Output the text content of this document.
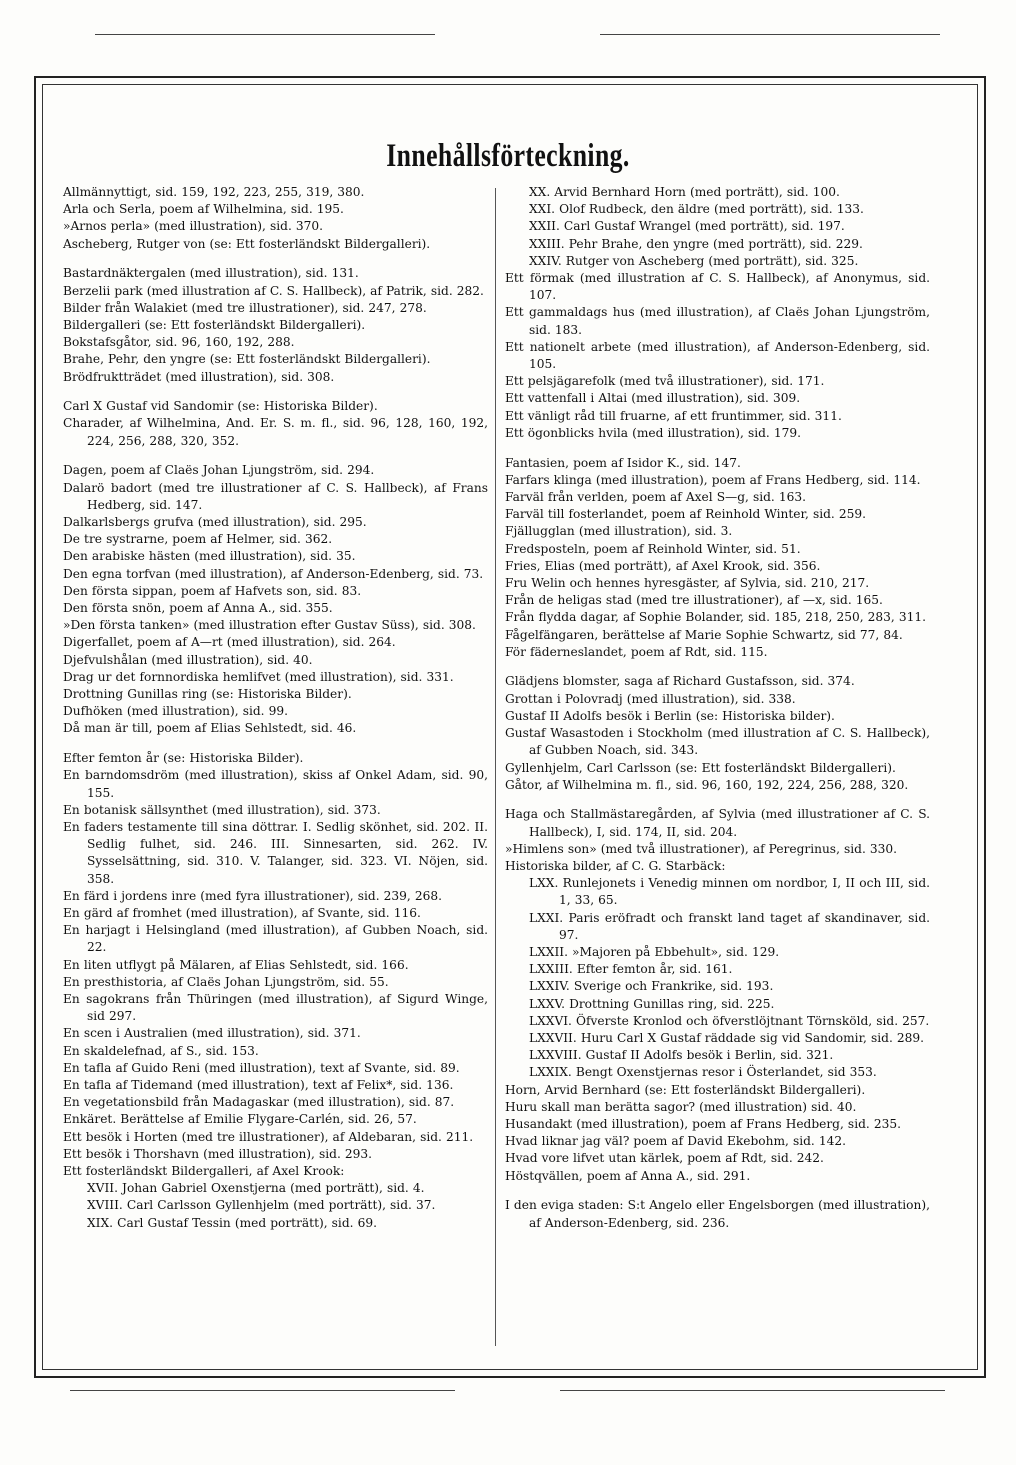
Innehållsförteckning.
Allmännyttigt, sid. 159, 192, 223, 255, 319, 380.
Arla och Serla, poem af Wilhelmina, sid. 195.
»Arnos perla» (med illustration), sid. 370.
Ascheberg, Rutger von (se: Ett fosterländskt Bildergalleri).
Bastardnäktergalen (med illustration), sid. 131.
Berzelii park (med illustration af C. S. Hallbeck), af Patrik, sid. 282.
Bilder från Walakiet (med tre illustrationer), sid. 247, 278.
Bildergalleri (se: Ett fosterländskt Bildergalleri).
Bokstafsgåtor, sid. 96, 160, 192, 288.
Brahe, Pehr, den yngre (se: Ett fosterländskt Bildergalleri).
Brödfruktträdet (med illustration), sid. 308.
Carl X Gustaf vid Sandomir (se: Historiska Bilder).
Charader, af Wilhelmina, And. Er. S. m. fl., sid. 96, 128, 160, 192, 224, 256, 288, 320, 352.
Dagen, poem af Claës Johan Ljungström, sid. 294.
Dalarö badort (med tre illustrationer af C. S. Hallbeck), af Frans Hedberg, sid. 147.
Dalkarlsbergs grufva (med illustration), sid. 295.
De tre systrarne, poem af Helmer, sid. 362.
Den arabiske hästen (med illustration), sid. 35.
Den egna torfvan (med illustration), af Anderson-Edenberg, sid. 73.
Den första sippan, poem af Hafvets son, sid. 83.
Den första snön, poem af Anna A., sid. 355.
»Den första tanken» (med illustration efter Gustav Süss), sid. 308.
Digerfallet, poem af A—rt (med illustration), sid. 264.
Djefvulshålan (med illustration), sid. 40.
Drag ur det fornnordiska hemlifvet (med illustration), sid. 331.
Drottning Gunillas ring (se: Historiska Bilder).
Dufhöken (med illustration), sid. 99.
Då man är till, poem af Elias Sehlstedt, sid. 46.
Efter femton år (se: Historiska Bilder).
En barndomsdröm (med illustration), skiss af Onkel Adam, sid. 90, 155.
En botanisk sällsynthet (med illustration), sid. 373.
En faders testamente till sina döttrar. I. Sedlig skönhet, sid. 202. II. Sedlig fulhet, sid. 246. III. Sinnesarten, sid. 262. IV. Sysselsättning, sid. 310. V. Talanger, sid. 323. VI. Nöjen, sid. 358.
En färd i jordens inre (med fyra illustrationer), sid. 239, 268.
En gärd af fromhet (med illustration), af Svante, sid. 116.
En harjagt i Helsingland (med illustration), af Gubben Noach, sid. 22.
En liten utflygt på Mälaren, af Elias Sehlstedt, sid. 166.
En presthistoria, af Claës Johan Ljungström, sid. 55.
En sagokrans från Thüringen (med illustration), af Sigurd Winge, sid 297.
En scen i Australien (med illustration), sid. 371.
En skaldelefnad, af S., sid. 153.
En tafla af Guido Reni (med illustration), text af Svante, sid. 89.
En tafla af Tidemand (med illustration), text af Felix*, sid. 136.
En vegetationsbild från Madagaskar (med illustration), sid. 87.
Enkäret. Berättelse af Emilie Flygare-Carlén, sid. 26, 57.
Ett besök i Horten (med tre illustrationer), af Aldebaran, sid. 211.
Ett besök i Thorshavn (med illustration), sid. 293.
Ett fosterländskt Bildergalleri, af Axel Krook:
XVII. Johan Gabriel Oxenstjerna (med porträtt), sid. 4.
XVIII. Carl Carlsson Gyllenhjelm (med porträtt), sid. 37.
XIX. Carl Gustaf Tessin (med porträtt), sid. 69.
XX. Arvid Bernhard Horn (med porträtt), sid. 100.
XXI. Olof Rudbeck, den äldre (med porträtt), sid. 133.
XXII. Carl Gustaf Wrangel (med porträtt), sid. 197.
XXIII. Pehr Brahe, den yngre (med porträtt), sid. 229.
XXIV. Rutger von Ascheberg (med porträtt), sid. 325.
Ett förmak (med illustration af C. S. Hallbeck), af Anonymus, sid. 107.
Ett gammaldags hus (med illustration), af Claës Johan Ljungström, sid. 183.
Ett nationelt arbete (med illustration), af Anderson-Edenberg, sid. 105.
Ett pelsjägarefolk (med två illustrationer), sid. 171.
Ett vattenfall i Altai (med illustration), sid. 309.
Ett vänligt råd till fruarne, af ett fruntimmer, sid. 311.
Ett ögonblicks hvila (med illustration), sid. 179.
Fantasien, poem af Isidor K., sid. 147.
Farfars klinga (med illustration), poem af Frans Hedberg, sid. 114.
Farväl från verlden, poem af Axel S—g, sid. 163.
Farväl till fosterlandet, poem af Reinhold Winter, sid. 259.
Fjällugglan (med illustration), sid. 3.
Fredsposteln, poem af Reinhold Winter, sid. 51.
Fries, Elias (med porträtt), af Axel Krook, sid. 356.
Fru Welin och hennes hyresgäster, af Sylvia, sid. 210, 217.
Från de heligas stad (med tre illustrationer), af —x, sid. 165.
Från flydda dagar, af Sophie Bolander, sid. 185, 218, 250, 283, 311.
Fågelfängaren, berättelse af Marie Sophie Schwartz, sid 77, 84.
För fäderneslandet, poem af Rdt, sid. 115.
Glädjens blomster, saga af Richard Gustafsson, sid. 374.
Grottan i Polovradj (med illustration), sid. 338.
Gustaf II Adolfs besök i Berlin (se: Historiska bilder).
Gustaf Wasastoden i Stockholm (med illustration af C. S. Hallbeck), af Gubben Noach, sid. 343.
Gyllenhjelm, Carl Carlsson (se: Ett fosterländskt Bildergalleri).
Gåtor, af Wilhelmina m. fl., sid. 96, 160, 192, 224, 256, 288, 320.
Haga och Stallmästaregården, af Sylvia (med illustrationer af C. S. Hallbeck), I, sid. 174, II, sid. 204.
»Himlens son» (med två illustrationer), af Peregrinus, sid. 330.
Historiska bilder, af C. G. Starbäck:
LXX. Runlejonets i Venedig minnen om nordbor, I, II och III, sid. 1, 33, 65.
LXXI. Paris eröfradt och franskt land taget af skandinaver, sid. 97.
LXXII. »Majoren på Ebbehult», sid. 129.
LXXIII. Efter femton år, sid. 161.
LXXIV. Sverige och Frankrike, sid. 193.
LXXV. Drottning Gunillas ring, sid. 225.
LXXVI. Öfverste Kronlod och öfverstlöjtnant Törnsköld, sid. 257.
LXXVII. Huru Carl X Gustaf räddade sig vid Sandomir, sid. 289.
LXXVIII. Gustaf II Adolfs besök i Berlin, sid. 321.
LXXIX. Bengt Oxenstjernas resor i Österlandet, sid 353.
Horn, Arvid Bernhard (se: Ett fosterländskt Bildergalleri).
Huru skall man berätta sagor? (med illustration) sid. 40.
Husandakt (med illustration), poem af Frans Hedberg, sid. 235.
Hvad liknar jag väl? poem af David Ekebohm, sid. 142.
Hvad vore lifvet utan kärlek, poem af Rdt, sid. 242.
Höstqvällen, poem af Anna A., sid. 291.
I den eviga staden: S:t Angelo eller Engelsborgen (med illustration), af Anderson-Edenberg, sid. 236.
